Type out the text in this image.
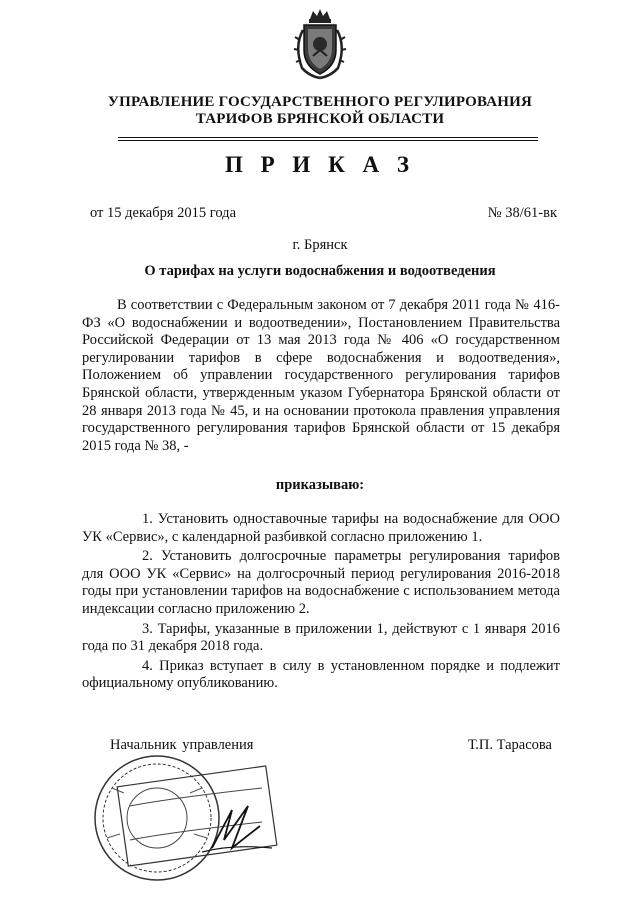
УПРАВЛЕНИЕ ГОСУДАРСТВЕННОГО РЕГУЛИРОВАНИЯ
ТАРИФОВ БРЯНСКОЙ ОБЛАСТИ
П Р И К А З
от 15 декабря 2015 года	№ 38/61-вк
г. Брянск
О тарифах на услуги водоснабжения и водоотведения

В соответствии с Федеральным законом от 7 декабря 2011 года № 416-ФЗ «О водоснабжении и водоотведении», Постановлением Правительства Российской Федерации от 13 мая 2013 года № 406 «О государственном регулировании тарифов в сфере водоснабжения и водоотведения», Положением об управлении государственного регулирования тарифов Брянской области, утвержденным указом Губернатора Брянской области от 28 января 2013 года № 45, и на основании протокола правления управления государственного регулирования тарифов Брянской области от 15 декабря 2015 года № 38, -

приказываю:

1. Установить одноставочные тарифы на водоснабжение для ООО УК «Сервис», с календарной разбивкой согласно приложению 1.

2. Установить долгосрочные параметры регулирования тарифов для ООО УК «Сервис» на долгосрочный период регулирования 2016-2018 годы при установлении тарифов на водоснабжение с использованием метода индексации согласно приложению 2.

3. Тарифы, указанные в приложении 1, действуют с 1 января 2016 года по 31 декабря 2018 года.

4. Приказ вступает в силу в установленном порядке и подлежит официальному опубликованию.

Начальник управления	Т.П. Тарасова
